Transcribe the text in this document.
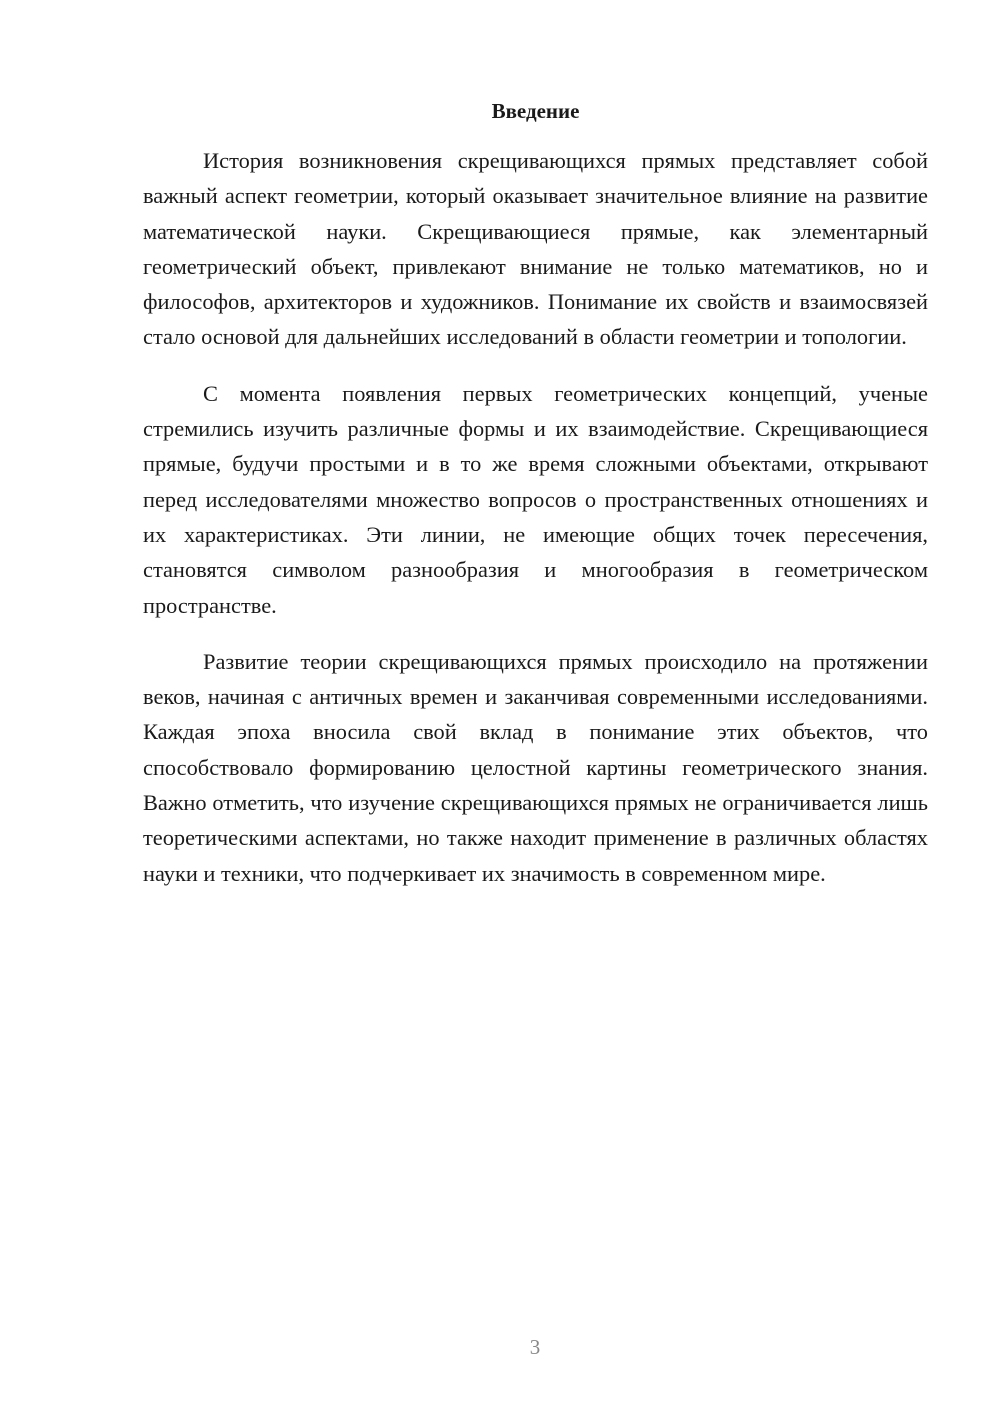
Введение

История возникновения скрещивающихся прямых представляет собой важный аспект геометрии, который оказывает значительное влияние на развитие математической науки. Скрещивающиеся прямые, как элементарный геометрический объект, привлекают внимание не только математиков, но и философов, архитекторов и художников. Понимание их свойств и взаимосвязей стало основой для дальнейших исследований в области геометрии и топологии.

С момента появления первых геометрических концепций, ученые стремились изучить различные формы и их взаимодействие. Скрещивающиеся прямые, будучи простыми и в то же время сложными объектами, открывают перед исследователями множество вопросов о пространственных отношениях и их характеристиках. Эти линии, не имеющие общих точек пересечения, становятся символом разнообразия и многообразия в геометрическом пространстве.

Развитие теории скрещивающихся прямых происходило на протяжении веков, начиная с античных времен и заканчивая современными исследованиями. Каждая эпоха вносила свой вклад в понимание этих объектов, что способствовало формированию целостной картины геометрического знания. Важно отметить, что изучение скрещивающихся прямых не ограничивается лишь теоретическими аспектами, но также находит применение в различных областях науки и техники, что подчеркивает их значимость в современном мире.

3
